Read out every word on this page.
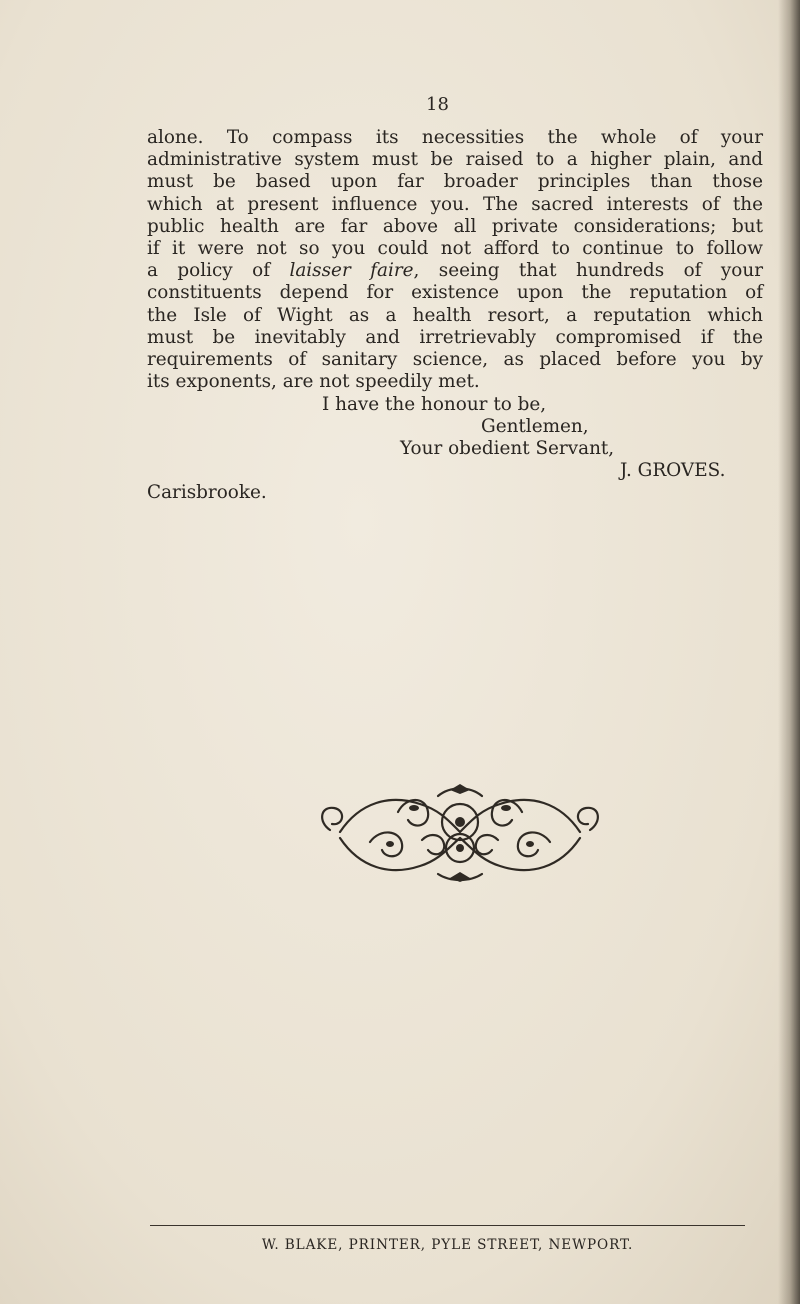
18

alone. To compass its necessities the whole of your
administrative system must be raised to a higher plain, and
must be based upon far broader principles than those
which at present influence you. The sacred interests of the
public health are far above all private considerations; but
if it were not so you could not afford to continue to follow
a policy of laisser faire, seeing that hundreds of your
constituents depend for existence upon the reputation of
the Isle of Wight as a health resort, a reputation which
must be inevitably and irretrievably compromised if the
requirements of sanitary science, as placed before you by
its exponents, are not speedily met.

I have the honour to be,
Gentlemen,
Your obedient Servant,
J. GROVES.
Carisbrooke.
W. BLAKE, PRINTER, PYLE STREET, NEWPORT.
